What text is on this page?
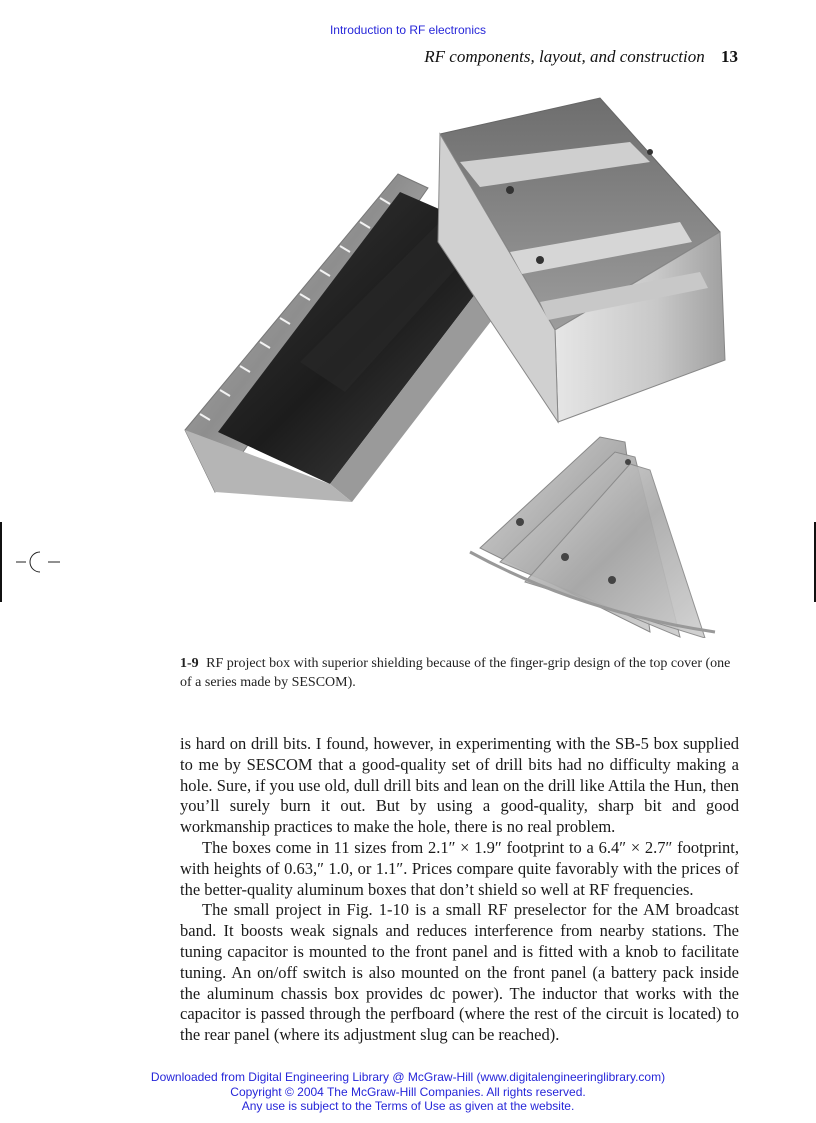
Introduction to RF electronics
RF components, layout, and construction 13
1-9 RF project box with superior shielding because of the finger-grip design of the top cover (one of a series made by SESCOM).

is hard on drill bits. I found, however, in experimenting with the SB-5 box supplied to me by SESCOM that a good-quality set of drill bits had no difficulty making a hole. Sure, if you use old, dull drill bits and lean on the drill like Attila the Hun, then you’ll surely burn it out. But by using a good-quality, sharp bit and good workmanship practices to make the hole, there is no real problem.

The boxes come in 11 sizes from 2.1″ × 1.9″ footprint to a 6.4″ × 2.7″ footprint, with heights of 0.63,″ 1.0, or 1.1″. Prices compare quite favorably with the prices of the better-quality aluminum boxes that don’t shield so well at RF frequencies.

The small project in Fig. 1-10 is a small RF preselector for the AM broadcast band. It boosts weak signals and reduces interference from nearby stations. The tuning capacitor is mounted to the front panel and is fitted with a knob to facilitate tuning. An on/off switch is also mounted on the front panel (a battery pack inside the aluminum chassis box provides dc power). The inductor that works with the capacitor is passed through the perfboard (where the rest of the circuit is located) to the rear panel (where its adjustment slug can be reached).

Downloaded from Digital Engineering Library @ McGraw-Hill (www.digitalengineeringlibrary.com)
Copyright © 2004 The McGraw-Hill Companies. All rights reserved.
Any use is subject to the Terms of Use as given at the website.
